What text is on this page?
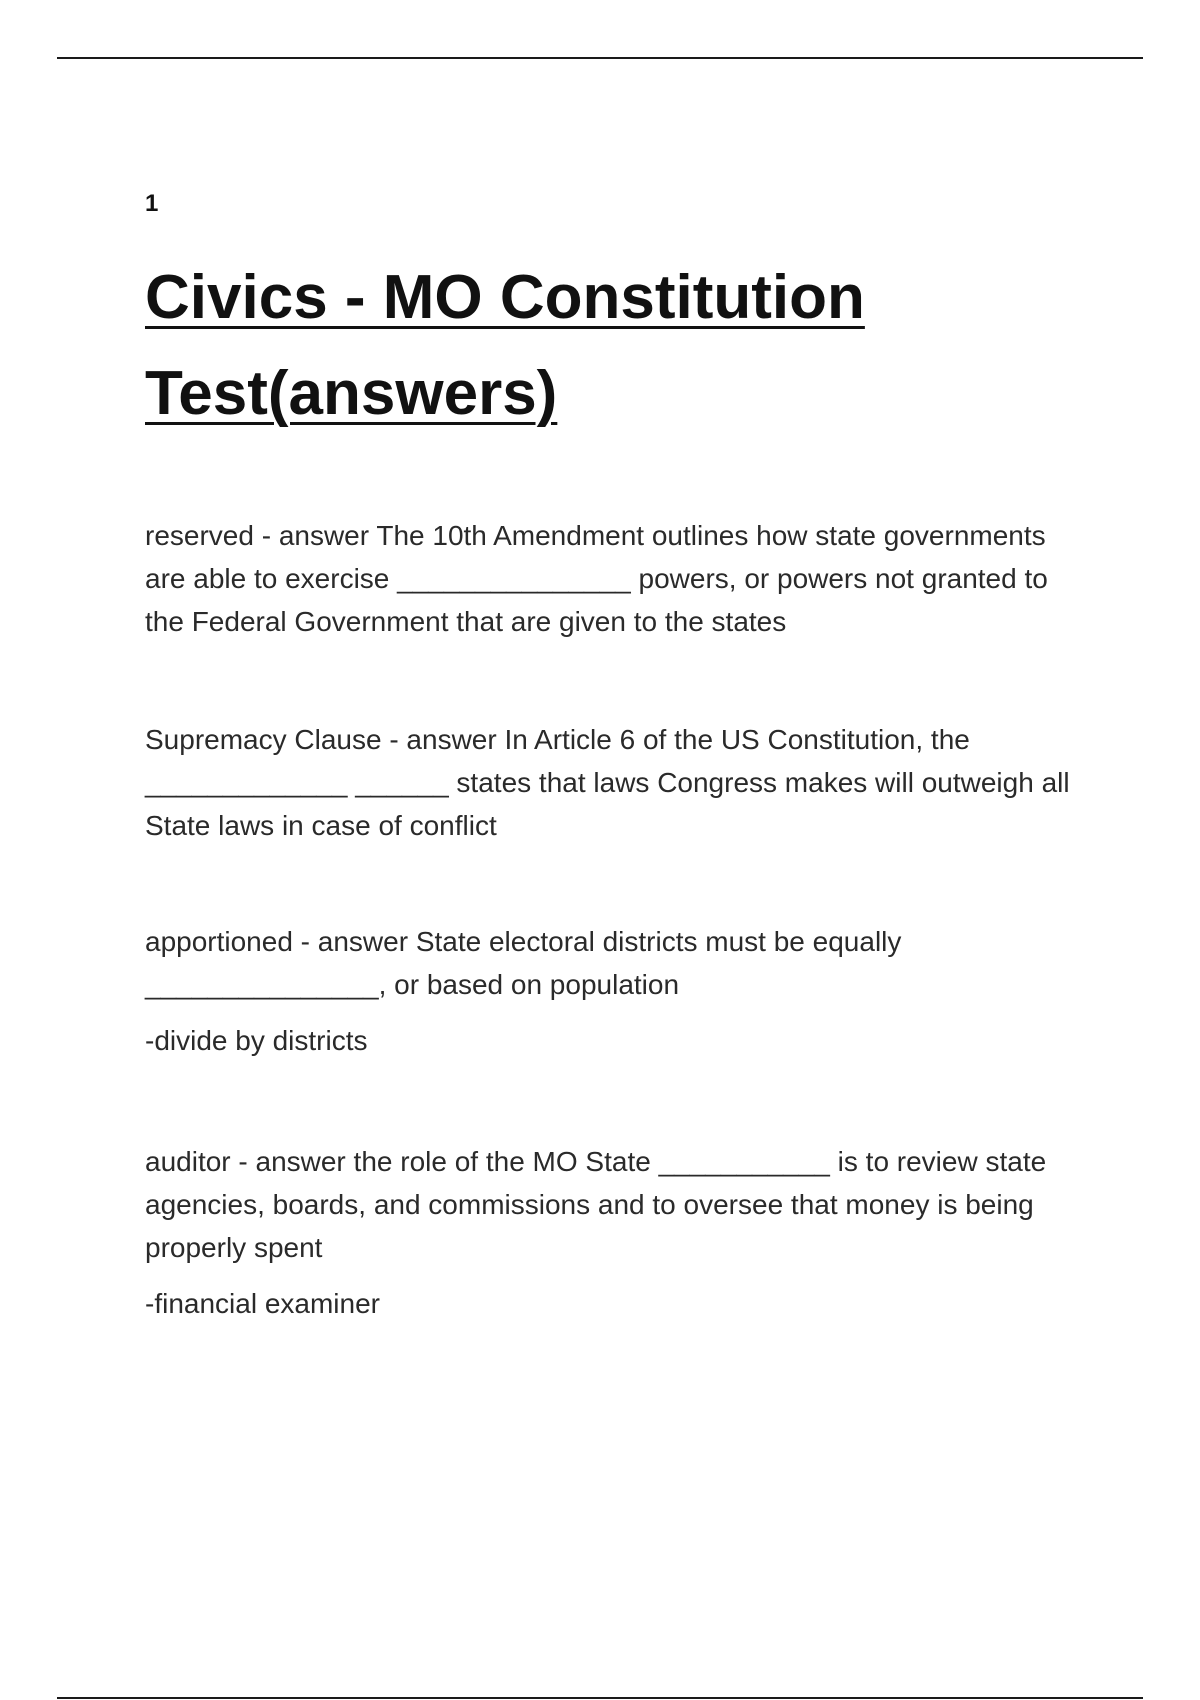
1
Civics - MO Constitution
Test(answers)

reserved - answer The 10th Amendment outlines how state governments are able to exercise _______________ powers, or powers not granted to the Federal Government that are given to the states

Supremacy Clause - answer In Article 6 of the US Constitution, the _____________ ______ states that laws Congress makes will outweigh all State laws in case of conflict

apportioned - answer State electoral districts must be equally _______________, or based on population

-divide by districts

auditor - answer the role of the MO State ___________ is to review state agencies, boards, and commissions and to oversee that money is being properly spent

-financial examiner
